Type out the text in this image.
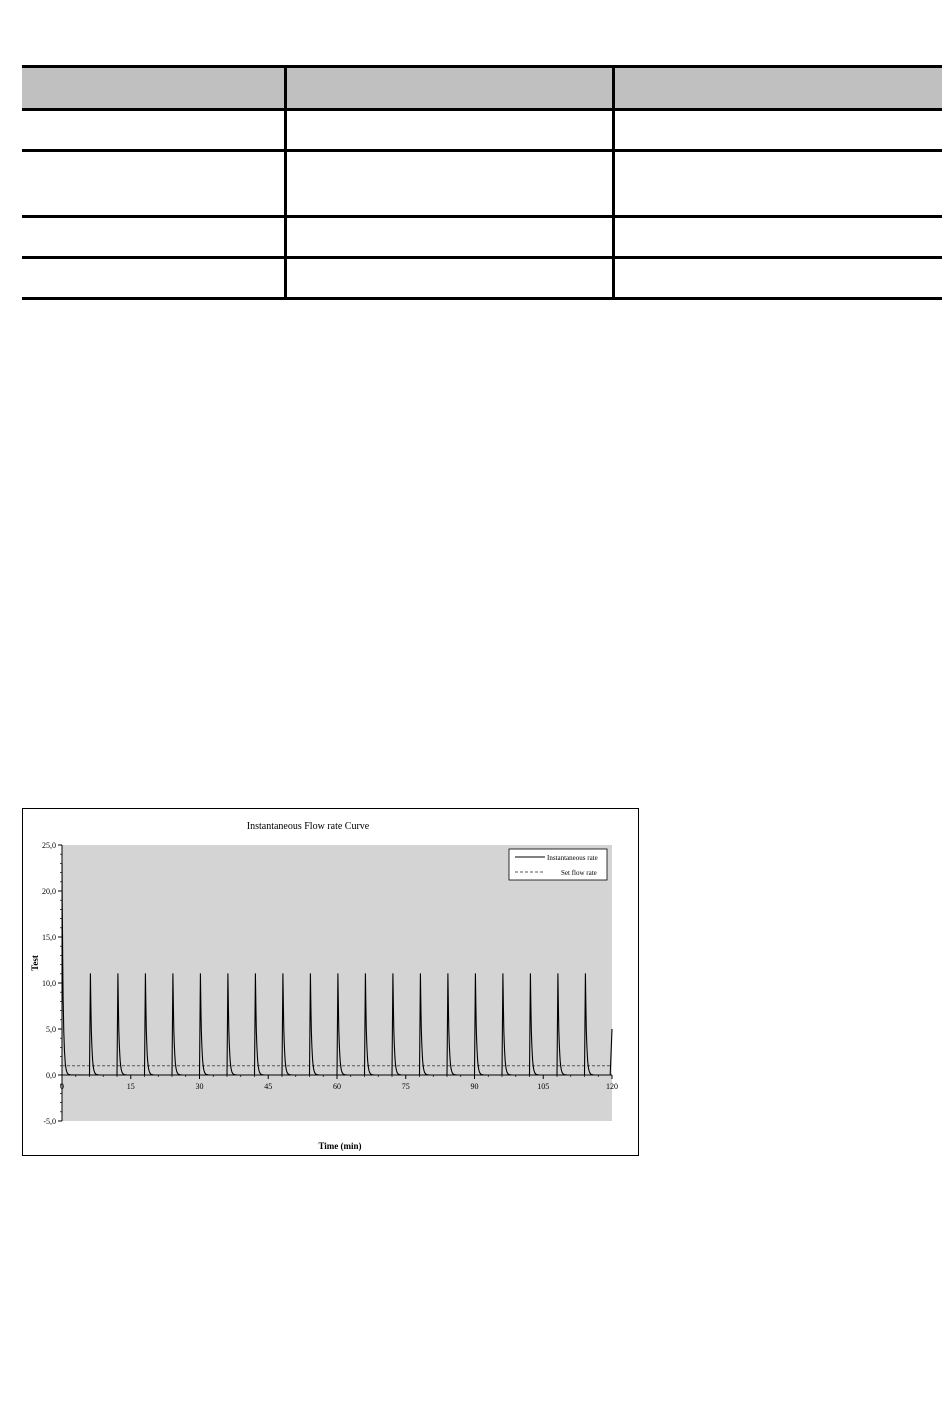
Instantaneous Flow rate Curve
-5,0
0,0
5,0
10,0
15,0
20,0
25,0
0	15	30	45	60	75	90	105	120
Time (min)
Test
Instantaneous rate
Set flow rate
